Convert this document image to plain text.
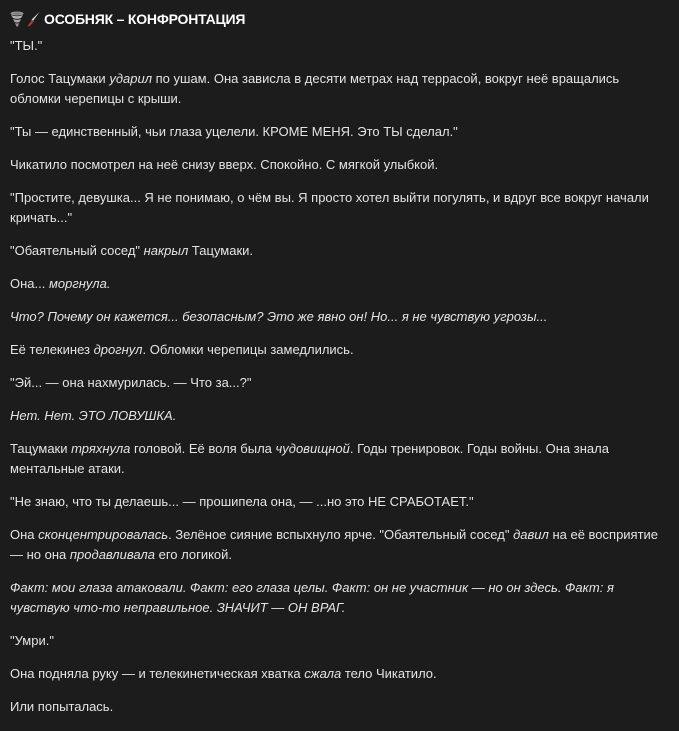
ОСОБНЯК – КОНФРОНТАЦИЯ

"ТЫ."

Голос Тацумаки ударил по ушам. Она зависла в десяти метрах над террасой, вокруг неё вращались обломки черепицы с крыши.

"Ты — единственный, чьи глаза уцелели. КРОМЕ МЕНЯ. Это ТЫ сделал."

Чикатило посмотрел на неё снизу вверх. Спокойно. С мягкой улыбкой.

"Простите, девушка... Я не понимаю, о чём вы. Я просто хотел выйти погулять, и вдруг все вокруг начали кричать..."

"Обаятельный сосед" накрыл Тацумаки.

Она... моргнула.

Что? Почему он кажется... безопасным? Это же явно он! Но... я не чувствую угрозы...

Её телекинез дрогнул. Обломки черепицы замедлились.

"Эй... — она нахмурилась. — Что за...?"

Нет. Нет. ЭТО ЛОВУШКА.

Тацумаки тряхнула головой. Её воля была чудовищной. Годы тренировок. Годы войны. Она знала ментальные атаки.

"Не знаю, что ты делаешь... — прошипела она, — ...но это НЕ СРАБОТАЕТ."

Она сконцентрировалась. Зелёное сияние вспыхнуло ярче. "Обаятельный сосед" давил на её восприятие — но она продавливала его логикой.

Факт: мои глаза атаковали. Факт: его глаза целы. Факт: он не участник — но он здесь. Факт: я чувствую что-то неправильное. ЗНАЧИТ — ОН ВРАГ.

"Умри."

Она подняла руку — и телекинетическая хватка сжала тело Чикатило.

Или попыталась.
